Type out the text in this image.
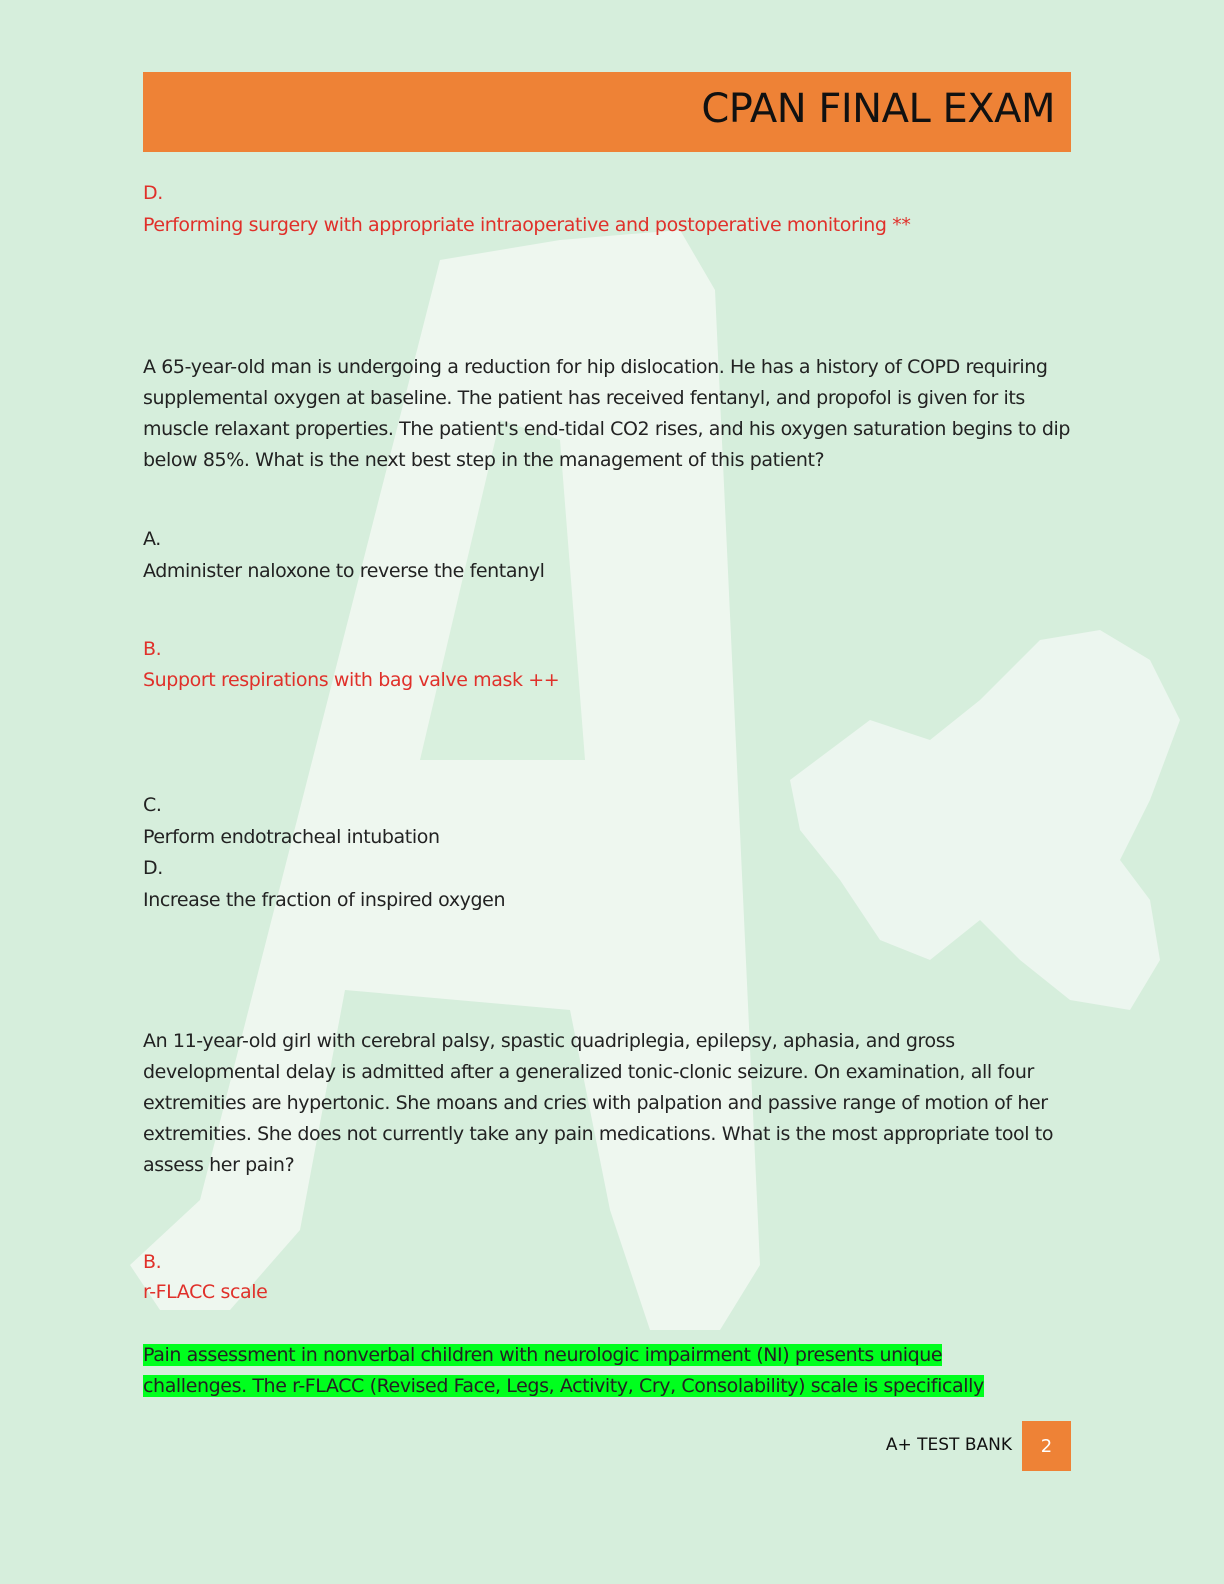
CPAN FINAL EXAM
D.
Performing surgery with appropriate intraoperative and postoperative monitoring **
A 65-year-old man is undergoing a reduction for hip dislocation. He has a history of COPD requiring supplemental oxygen at baseline. The patient has received fentanyl, and propofol is given for its muscle relaxant properties. The patient's end-tidal CO2 rises, and his oxygen saturation begins to dip below 85%. What is the next best step in the management of this patient?
A.
Administer naloxone to reverse the fentanyl
B.
Support respirations with bag valve mask ++
C.
Perform endotracheal intubation
D.
Increase the fraction of inspired oxygen
An 11-year-old girl with cerebral palsy, spastic quadriplegia, epilepsy, aphasia, and gross developmental delay is admitted after a generalized tonic-clonic seizure. On examination, all four extremities are hypertonic. She moans and cries with palpation and passive range of motion of her extremities. She does not currently take any pain medications. What is the most appropriate tool to assess her pain?
B.
r-FLACC scale
Pain assessment in nonverbal children with neurologic impairment (NI) presents unique
challenges. The r-FLACC (Revised Face, Legs, Activity, Cry, Consolability) scale is specifically
A+ TEST BANK	2
